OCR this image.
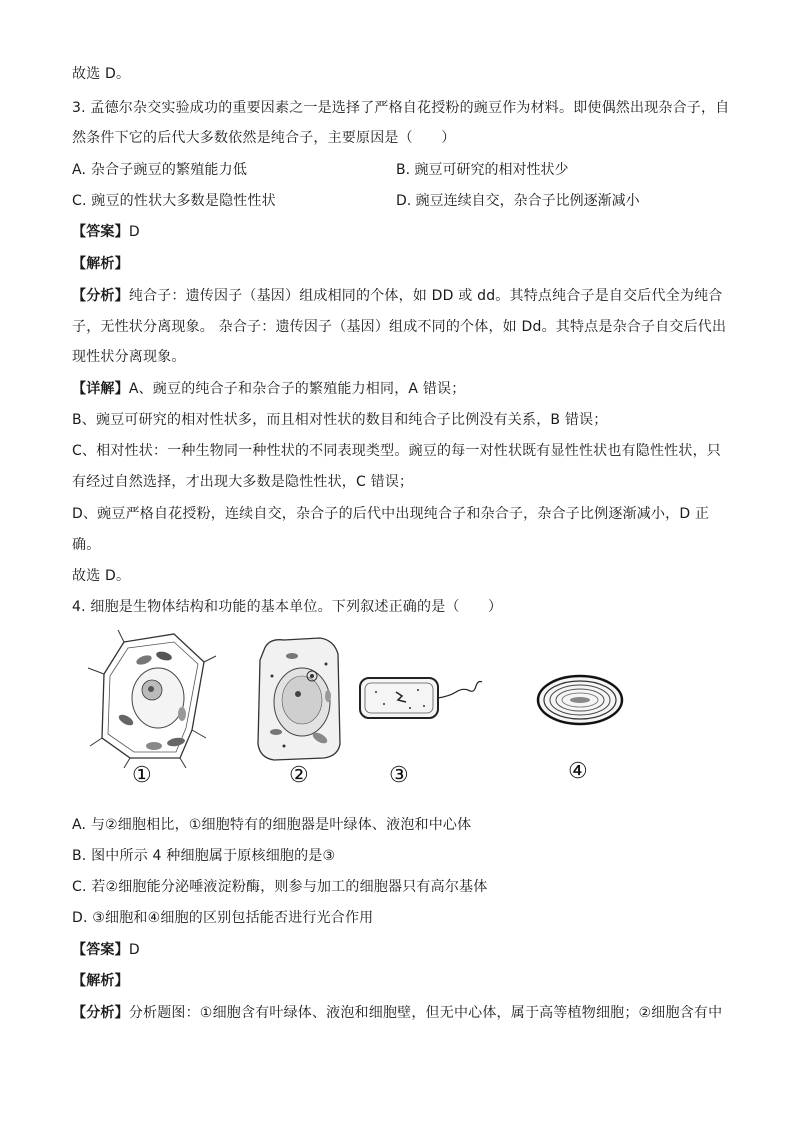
故选 D。
3. 孟德尔杂交实验成功的重要因素之一是选择了严格自花授粉的豌豆作为材料。即使偶然出现杂合子，自
然条件下它的后代大多数依然是纯合子，主要原因是（　　）
A. 杂合子豌豆的繁殖能力低	B. 豌豆可研究的相对性状少
C. 豌豆的性状大多数是隐性性状	D. 豌豆连续自交，杂合子比例逐渐减小
【答案】D
【解析】
【分析】纯合子：遗传因子（基因）组成相同的个体，如 DD 或 dd。其特点纯合子是自交后代全为纯合
子，无性状分离现象。 杂合子：遗传因子（基因）组成不同的个体，如 Dd。其特点是杂合子自交后代出
现性状分离现象。
【详解】A、豌豆的纯合子和杂合子的繁殖能力相同，A 错误；
B、豌豆可研究的相对性状多，而且相对性状的数目和纯合子比例没有关系，B 错误；
C、相对性状：一种生物同一种性状的不同表现类型。豌豆的每一对性状既有显性性状也有隐性性状，只
有经过自然选择，才出现大多数是隐性性状，C 错误；
D、豌豆严格自花授粉，连续自交，杂合子的后代中出现纯合子和杂合子，杂合子比例逐渐减小，D 正
确。
故选 D。
4. 细胞是生物体结构和功能的基本单位。下列叙述正确的是（　　）
①	②	③	④
A. 与②细胞相比，①细胞特有的细胞器是叶绿体、液泡和中心体
B. 图中所示 4 种细胞属于原核细胞的是③
C. 若②细胞能分泌唾液淀粉酶，则参与加工的细胞器只有高尔基体
D. ③细胞和④细胞的区别包括能否进行光合作用
【答案】D
【解析】
【分析】分析题图：①细胞含有叶绿体、液泡和细胞壁，但无中心体，属于高等植物细胞；②细胞含有中
